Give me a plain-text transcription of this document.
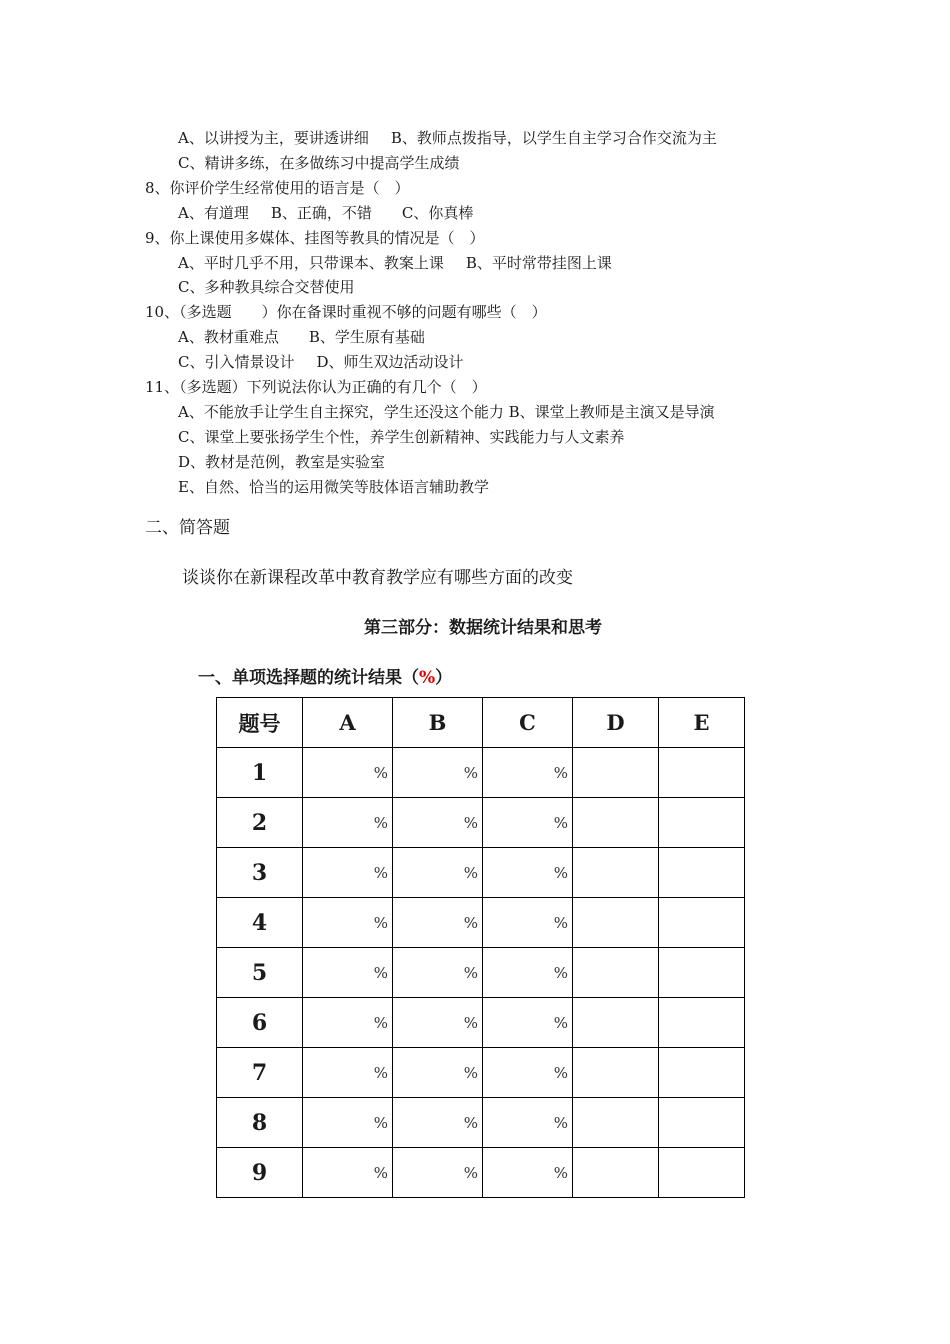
A、以讲授为主，要讲透讲细 B、教师点拨指导，以学生自主学习合作交流为主
C、精讲多练，在多做练习中提高学生成绩
8、你评价学生经常使用的语言是（　）
A、有道理 B、正确，不错 C、你真棒
9、你上课使用多媒体、挂图等教具的情况是（　）
A、平时几乎不用，只带课本、教案上课 B、平时常带挂图上课
C、多种教具综合交替使用
10、（多选题　　）你在备课时重视不够的问题有哪些（　）
A、教材重难点 B、学生原有基础
C、引入情景设计 D、师生双边活动设计
11、（多选题）下列说法你认为正确的有几个（　）
A、不能放手让学生自主探究，学生还没这个能力 B、课堂上教师是主演又是导演
C、课堂上要张扬学生个性，养学生创新精神、实践能力与人文素养
D、教材是范例，教室是实验室
E、自然、恰当的运用微笑等肢体语言辅助教学
二、简答题
谈谈你在新课程改革中教育教学应有哪些方面的改变
第三部分：数据统计结果和思考
一、单项选择题的统计结果（%）
题号	A	B	C	D	E
1	%	%	%		
2	%	%	%		
3	%	%	%		
4	%	%	%		
5	%	%	%		
6	%	%	%		
7	%	%	%		
8	%	%	%		
9	%	%	%		
